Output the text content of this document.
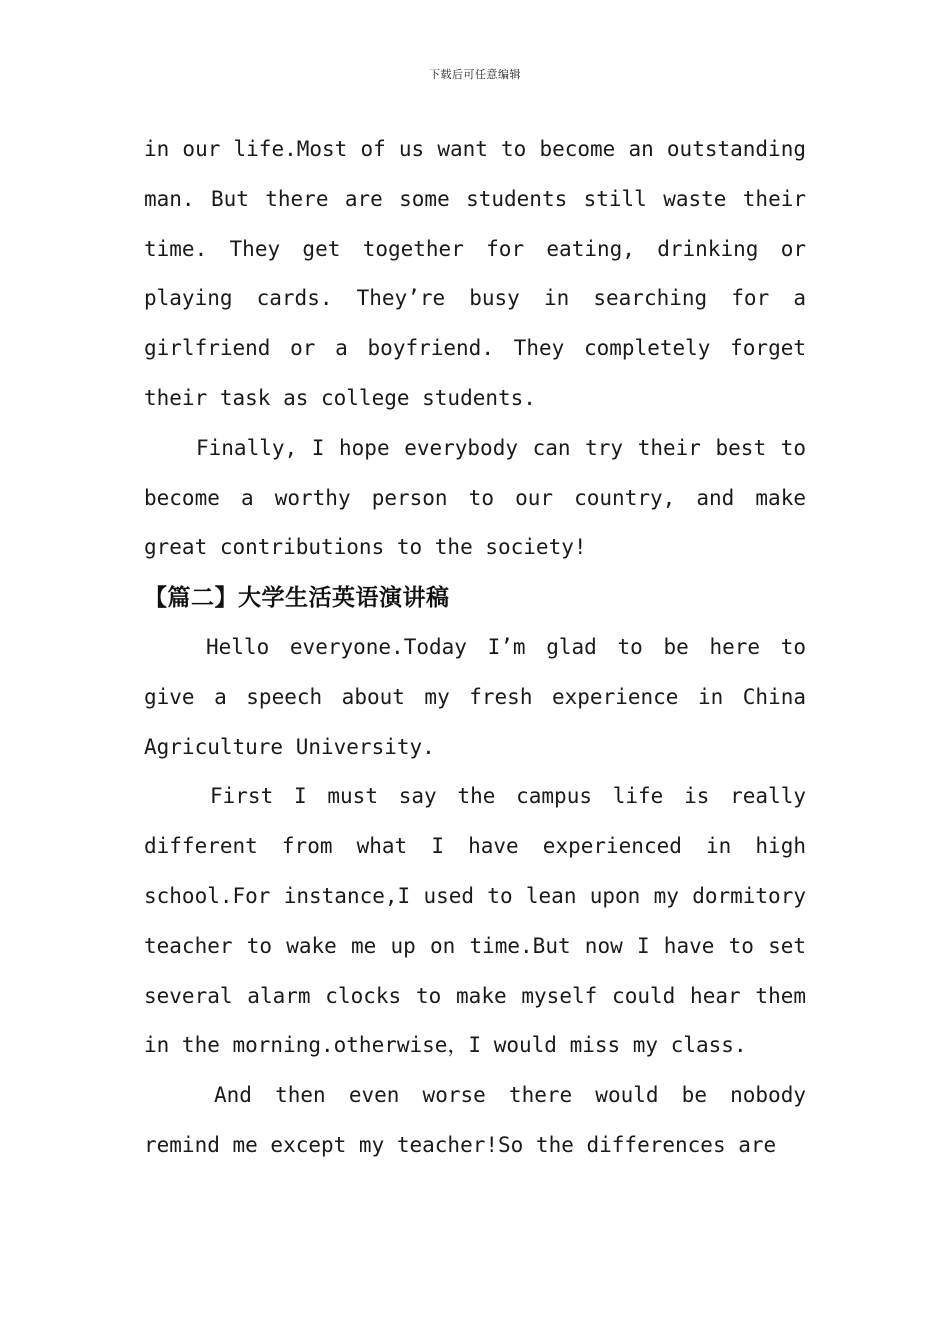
下载后可任意编辑

in our life.Most of us want to become an outstanding man. But there are some students still waste their time. They get together for eating, drinking or playing cards. They’re busy in searching for a girlfriend or a boyfriend. They completely forget their task as college students.

Finally, I hope everybody can try their best to become a worthy person to our country, and make great contributions to the society!

【篇二】大学生活英语演讲稿

Hello everyone.Today I’m glad to be here to give a speech about my fresh experience in China Agriculture University.

First I must say the campus life is really different from what I have experienced in high school.For instance,I used to lean upon my dormitory teacher to wake me up on time.But now I have to set several alarm clocks to make myself could hear them in the morning.otherwise，I would miss my class.

And then even worse there would be nobody remind me except my teacher!So the differences are
